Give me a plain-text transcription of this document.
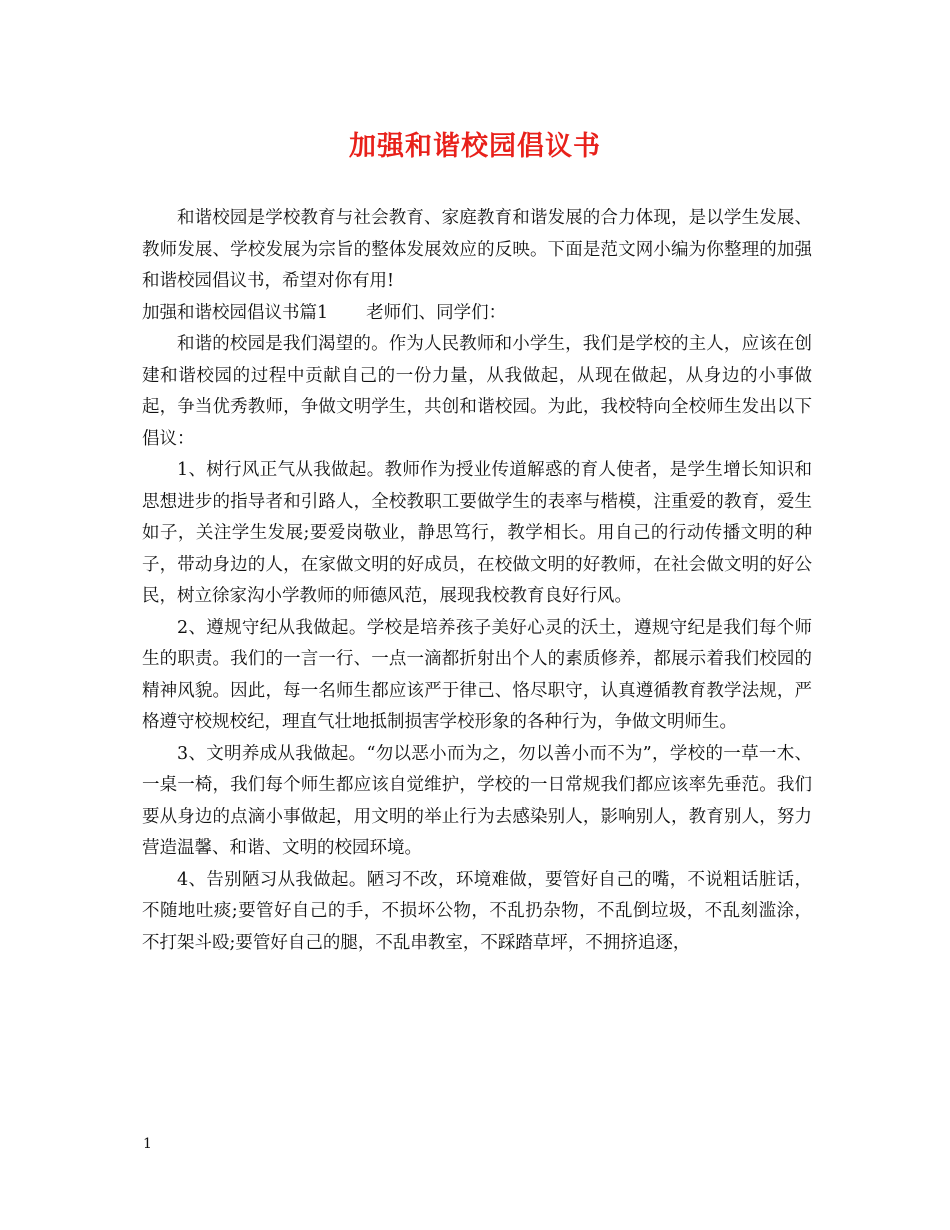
加强和谐校园倡议书

和谐校园是学校教育与社会教育、家庭教育和谐发展的合力体现，是以学生发展、教师发展、学校发展为宗旨的整体发展效应的反映。下面是范文网小编为你整理的加强和谐校园倡议书，希望对你有用!

加强和谐校园倡议书篇1 老师们、同学们：

和谐的校园是我们渴望的。作为人民教师和小学生，我们是学校的主人，应该在创建和谐校园的过程中贡献自己的一份力量，从我做起，从现在做起，从身边的小事做起，争当优秀教师，争做文明学生，共创和谐校园。为此，我校特向全校师生发出以下倡议：

1、树行风正气从我做起。教师作为授业传道解惑的育人使者，是学生增长知识和思想进步的指导者和引路人，全校教职工要做学生的表率与楷模，注重爱的教育，爱生如子，关注学生发展;要爱岗敬业，静思笃行，教学相长。用自己的行动传播文明的种子，带动身边的人，在家做文明的好成员，在校做文明的好教师，在社会做文明的好公民，树立徐家沟小学教师的师德风范，展现我校教育良好行风。

2、遵规守纪从我做起。学校是培养孩子美好心灵的沃土，遵规守纪是我们每个师生的职责。我们的一言一行、一点一滴都折射出个人的素质修养，都展示着我们校园的精神风貌。因此，每一名师生都应该严于律己、恪尽职守，认真遵循教育教学法规，严格遵守校规校纪，理直气壮地抵制损害学校形象的各种行为，争做文明师生。

3、文明养成从我做起。“勿以恶小而为之，勿以善小而不为”，学校的一草一木、一桌一椅，我们每个师生都应该自觉维护，学校的一日常规我们都应该率先垂范。我们要从身边的点滴小事做起，用文明的举止行为去感染别人，影响别人，教育别人，努力营造温馨、和谐、文明的校园环境。

4、告别陋习从我做起。陋习不改，环境难做，要管好自己的嘴，不说粗话脏话，不随地吐痰;要管好自己的手，不损坏公物，不乱扔杂物，不乱倒垃圾，不乱刻滥涂，不打架斗殴;要管好自己的腿，不乱串教室，不踩踏草坪，不拥挤追逐，

1
